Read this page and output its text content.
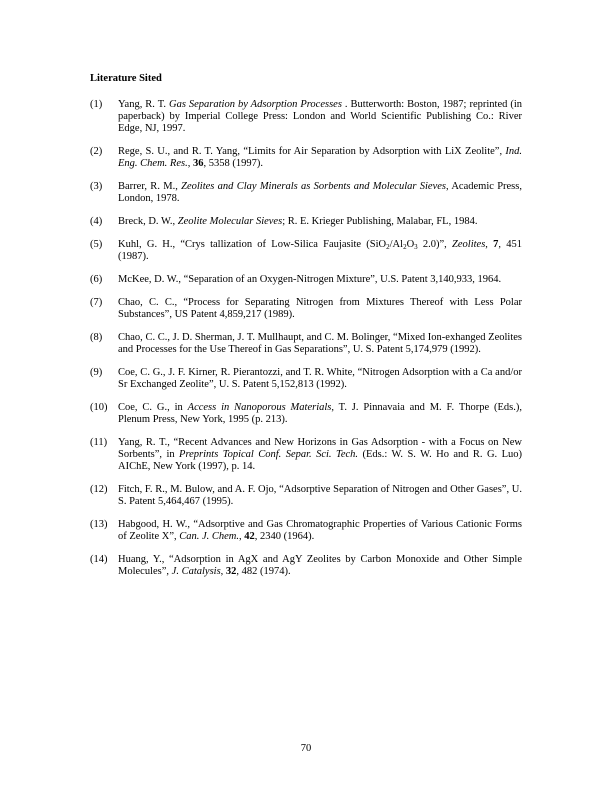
Literature Sited
(1) Yang, R. T. Gas Separation by Adsorption Processes . Butterworth: Boston, 1987; reprinted (in paperback) by Imperial College Press: London and World Scientific Publishing Co.: River Edge, NJ, 1997.
(2) Rege, S. U., and R. T. Yang, “Limits for Air Separation by Adsorption with LiX Zeolite”, Ind. Eng. Chem. Res., 36, 5358 (1997).
(3) Barrer, R. M., Zeolites and Clay Minerals as Sorbents and Molecular Sieves, Academic Press, London, 1978.
(4) Breck, D. W., Zeolite Molecular Sieves; R. E. Krieger Publishing, Malabar, FL, 1984.
(5) Kuhl, G. H., “Crys tallization of Low-Silica Faujasite ($SiO_2/Al_2O_3$ 2.0)”, Zeolites, 7, 451 (1987).
(6) McKee, D. W., “Separation of an Oxygen-Nitrogen Mixture”, U.S. Patent 3,140,933, 1964.
(7) Chao, C. C., “Process for Separating Nitrogen from Mixtures Thereof with Less Polar Substances”, US Patent 4,859,217 (1989).
(8) Chao, C. C., J. D. Sherman, J. T. Mullhaupt, and C. M. Bolinger, “Mixed Ion-exhanged Zeolites and Processes for the Use Thereof in Gas Separations”, U. S. Patent 5,174,979 (1992).
(9) Coe, C. G., J. F. Kirner, R. Pierantozzi, and T. R. White, “Nitrogen Adsorption with a Ca and/or Sr Exchanged Zeolite”, U. S. Patent 5,152,813 (1992).
(10) Coe, C. G., in Access in Nanoporous Materials, T. J. Pinnavaia and M. F. Thorpe (Eds.), Plenum Press, New York, 1995 (p. 213).
(11) Yang, R. T., “Recent Advances and New Horizons in Gas Adsorption - with a Focus on New Sorbents”, in Preprints Topical Conf. Separ. Sci. Tech. (Eds.: W. S. W. Ho and R. G. Luo) AIChE, New York (1997), p. 14.
(12) Fitch, F. R., M. Bulow, and A. F. Ojo, “Adsorptive Separation of Nitrogen and Other Gases”, U. S. Patent 5,464,467 (1995).
(13) Habgood, H. W., “Adsorptive and Gas Chromatographic Properties of Various Cationic Forms of Zeolite X”, Can. J. Chem., 42, 2340 (1964).
(14) Huang, Y., “Adsorption in AgX and AgY Zeolites by Carbon Monoxide and Other Simple Molecules”, J. Catalysis, 32, 482 (1974).
70
